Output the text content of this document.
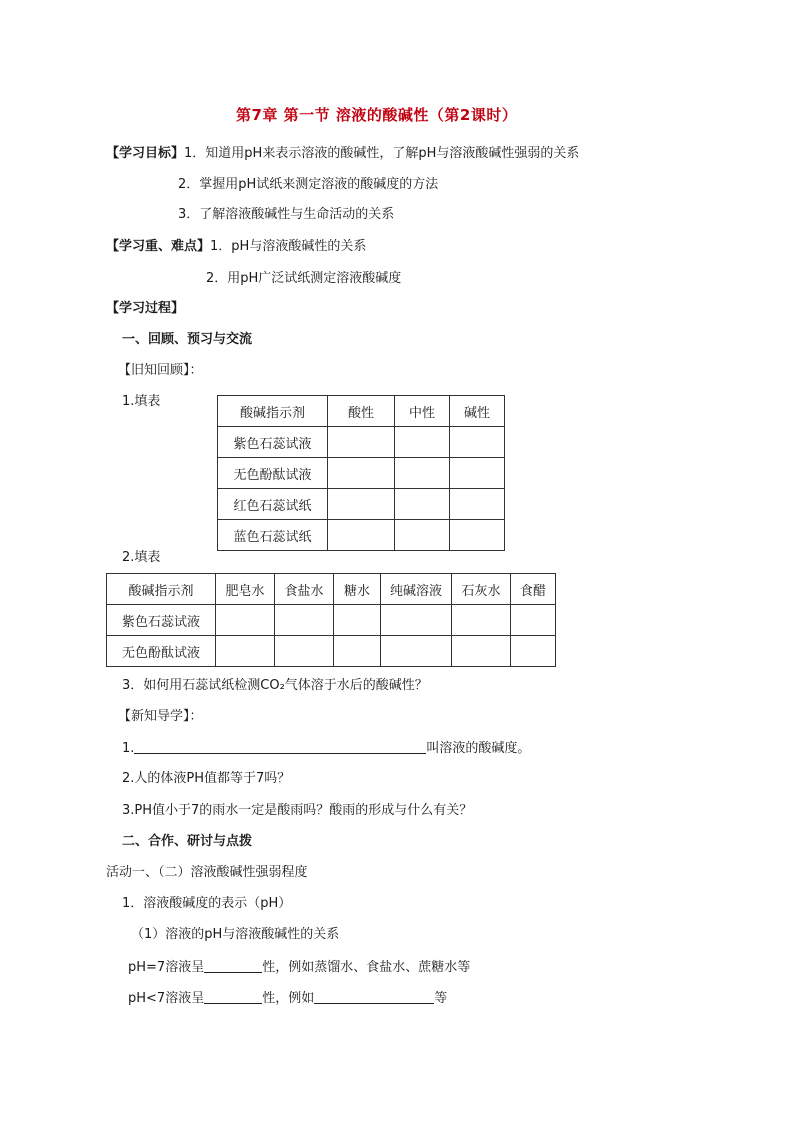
第7章 第一节 溶液的酸碱性（第2课时）
【学习目标】1．知道用pH来表示溶液的酸碱性，了解pH与溶液酸碱性强弱的关系
2．掌握用pH试纸来测定溶液的酸碱度的方法
3．了解溶液酸碱性与生命活动的关系
【学习重、难点】1．pH与溶液酸碱性的关系
2．用pH广泛试纸测定溶液酸碱度
【学习过程】
一、回顾、预习与交流
【旧知回顾】：
1.填表
酸碱指示剂	酸性	中性	碱性
紫色石蕊试液			
无色酚酞试液			
红色石蕊试纸			
蓝色石蕊试纸			
2.填表
酸碱指示剂	肥皂水	食盐水	糖水	纯碱溶液	石灰水	食醋
紫色石蕊试液						
无色酚酞试液						
3．如何用石蕊试纸检测CO₂气体溶于水后的酸碱性？
【新知导学】：
1.	叫溶液的酸碱度。
2.人的体液PH值都等于7吗？
3.PH值小于7的雨水一定是酸雨吗？酸雨的形成与什么有关？
二、合作、研讨与点拨
活动一、（二）溶液酸碱性强弱程度
1．溶液酸碱度的表示（pH）
（1）溶液的pH与溶液酸碱性的关系
pH=7溶液呈	性，例如蒸馏水、食盐水、蔗糖水等
pH<7溶液呈	性，例如	等
